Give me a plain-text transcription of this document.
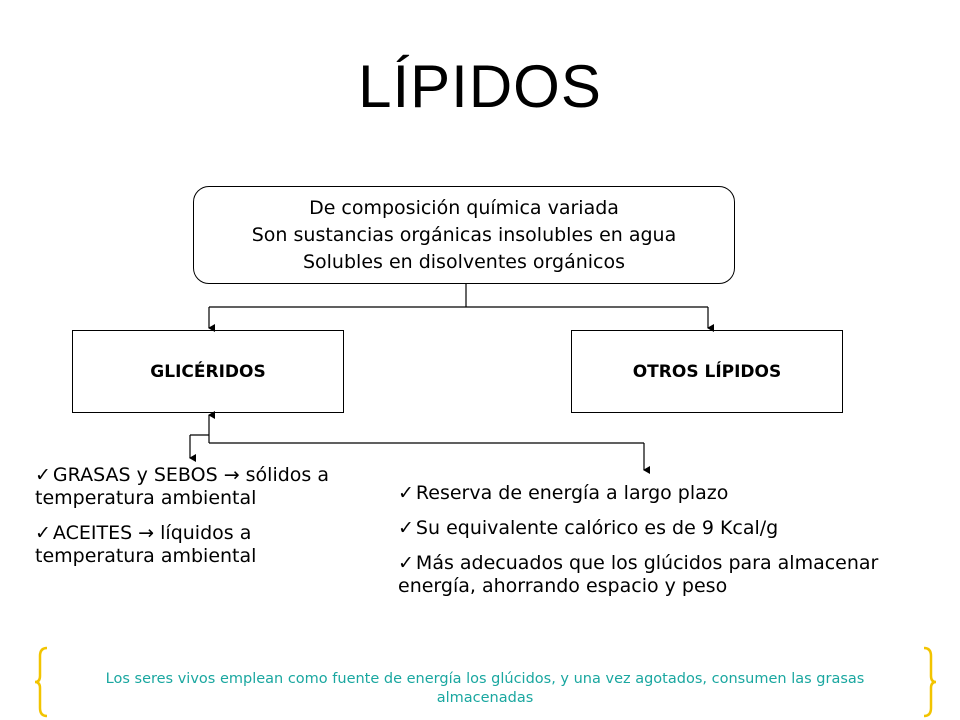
LÍPIDOS
De composición química variada
Son sustancias orgánicas insolubles en agua
Solubles en disolventes orgánicos
GLICÉRIDOS	OTROS LÍPIDOS
✓ GRASAS y SEBOS → sólidos a temperatura ambiental
✓ ACEITES → líquidos a temperatura ambiental
✓ Reserva de energía a largo plazo
✓ Su equivalente calórico es de 9 Kcal/g
✓ Más adecuados que los glúcidos para almacenar energía, ahorrando espacio y peso
Los seres vivos emplean como fuente de energía los glúcidos, y una vez agotados, consumen las grasas almacenadas
